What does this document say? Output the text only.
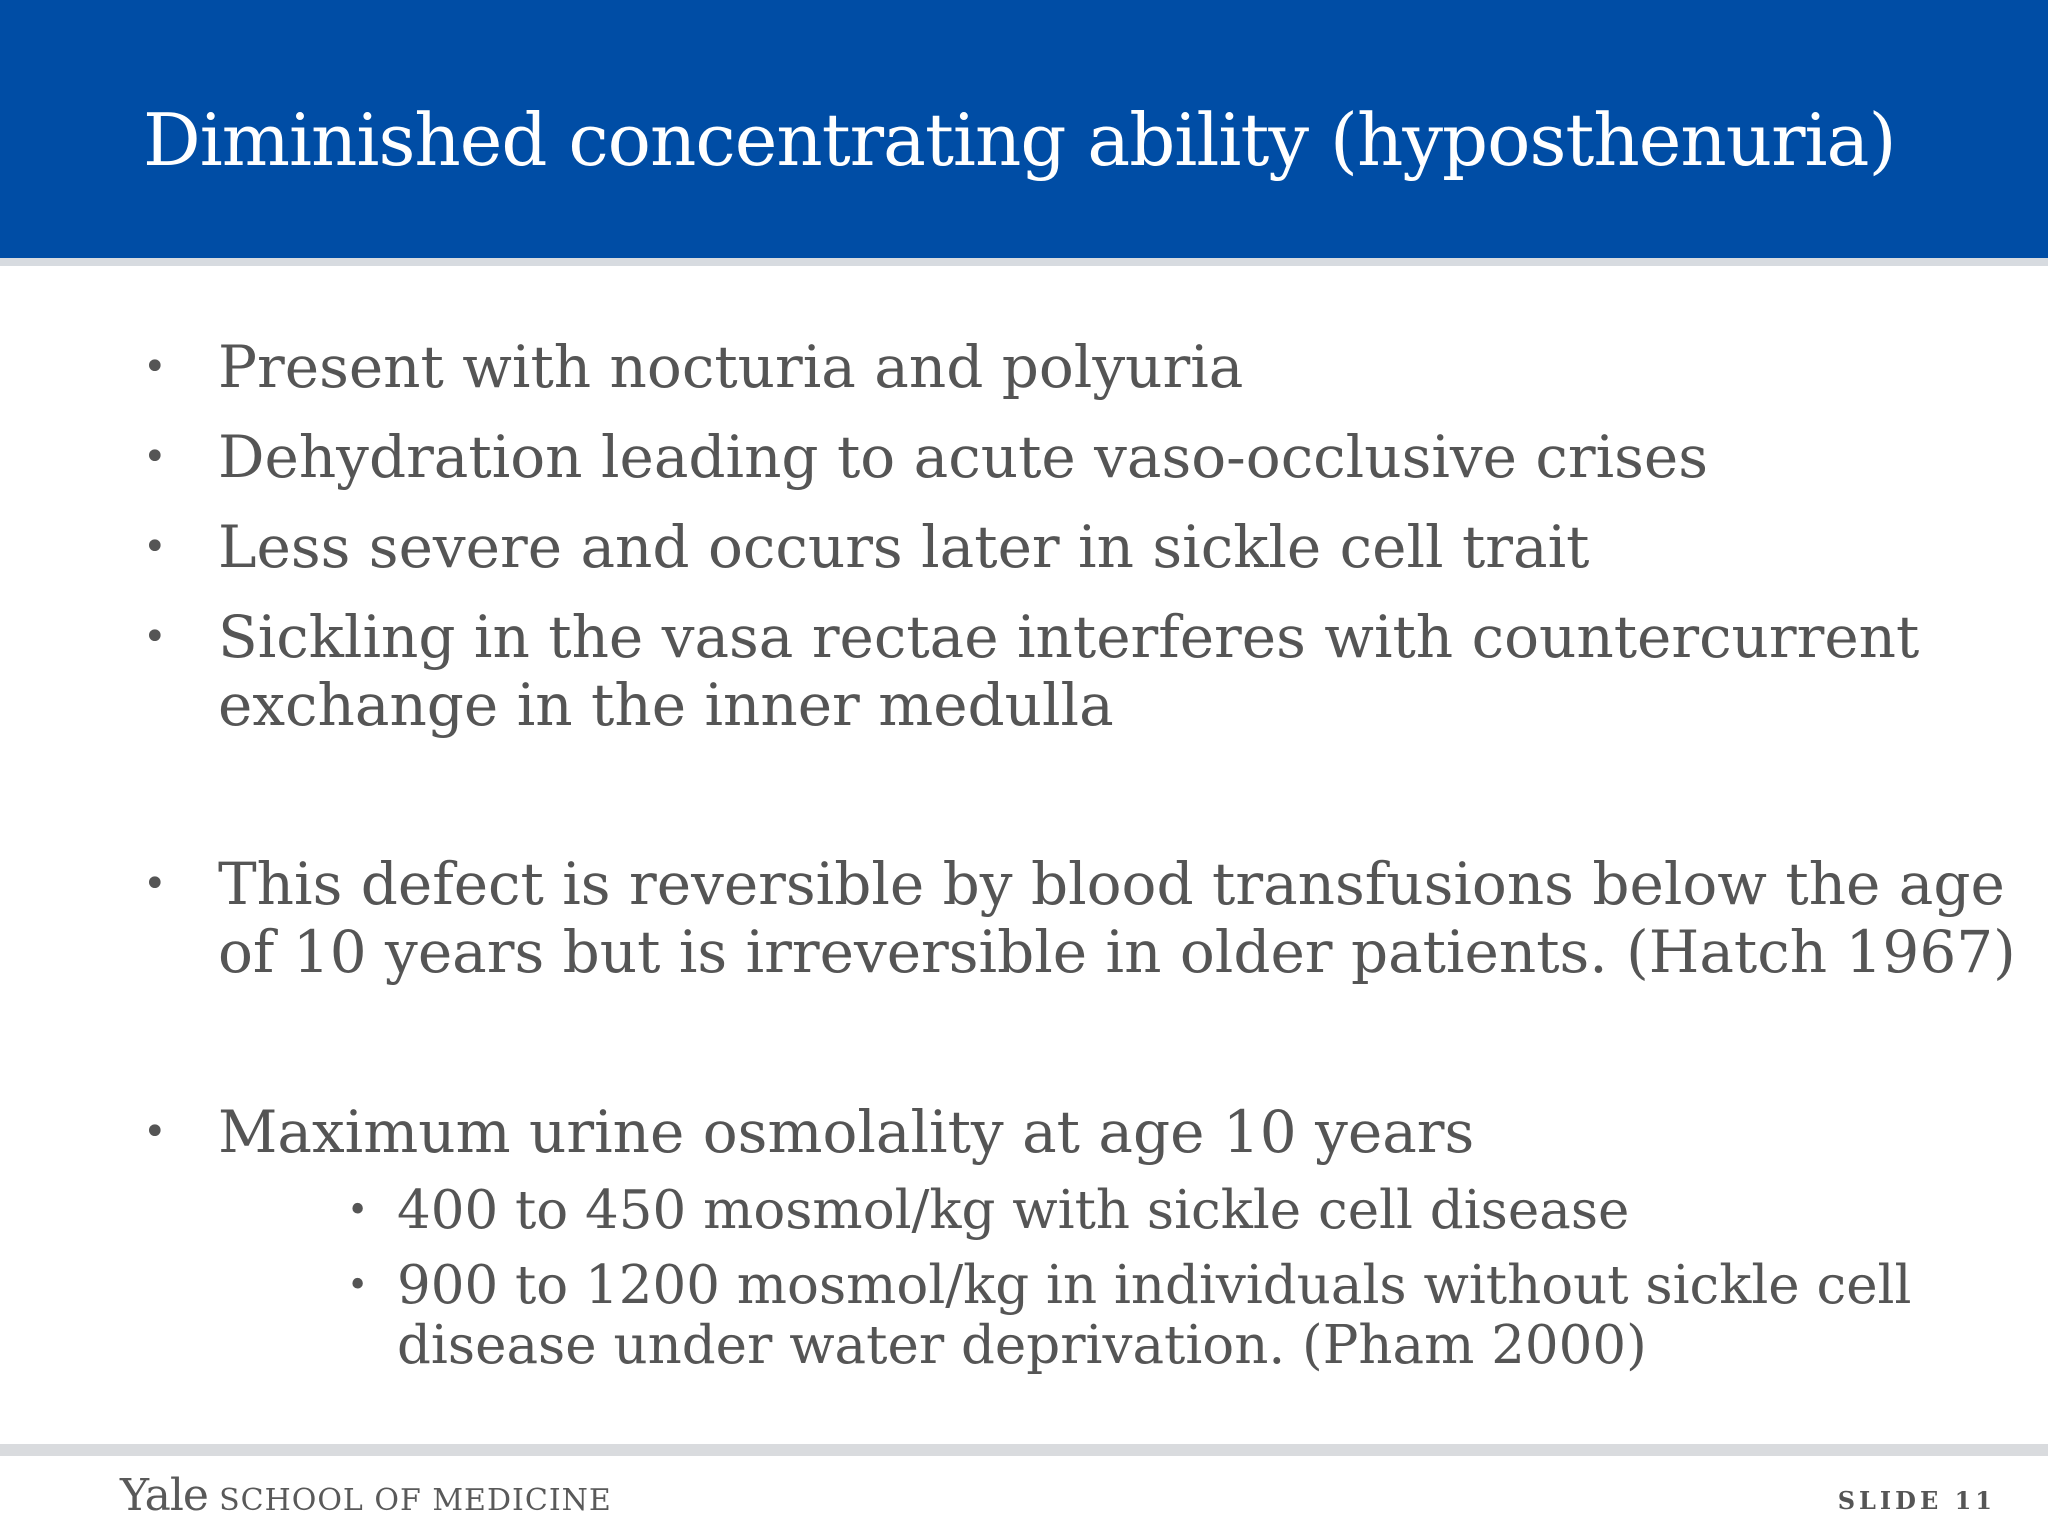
Diminished concentrating ability (hyposthenuria)
• Present with nocturia and polyuria
• Dehydration leading to acute vaso-occlusive crises
• Less severe and occurs later in sickle cell trait
• Sickling in the vasa rectae interferes with countercurrent
exchange in the inner medulla
• This defect is reversible by blood transfusions below the age
of 10 years but is irreversible in older patients. (Hatch 1967)
• Maximum urine osmolality at age 10 years
• 400 to 450 mosmol/kg with sickle cell disease
• 900 to 1200 mosmol/kg in individuals without sickle cell
disease under water deprivation. (Pham 2000)
Yale SCHOOL OF MEDICINE	SLIDE 11
